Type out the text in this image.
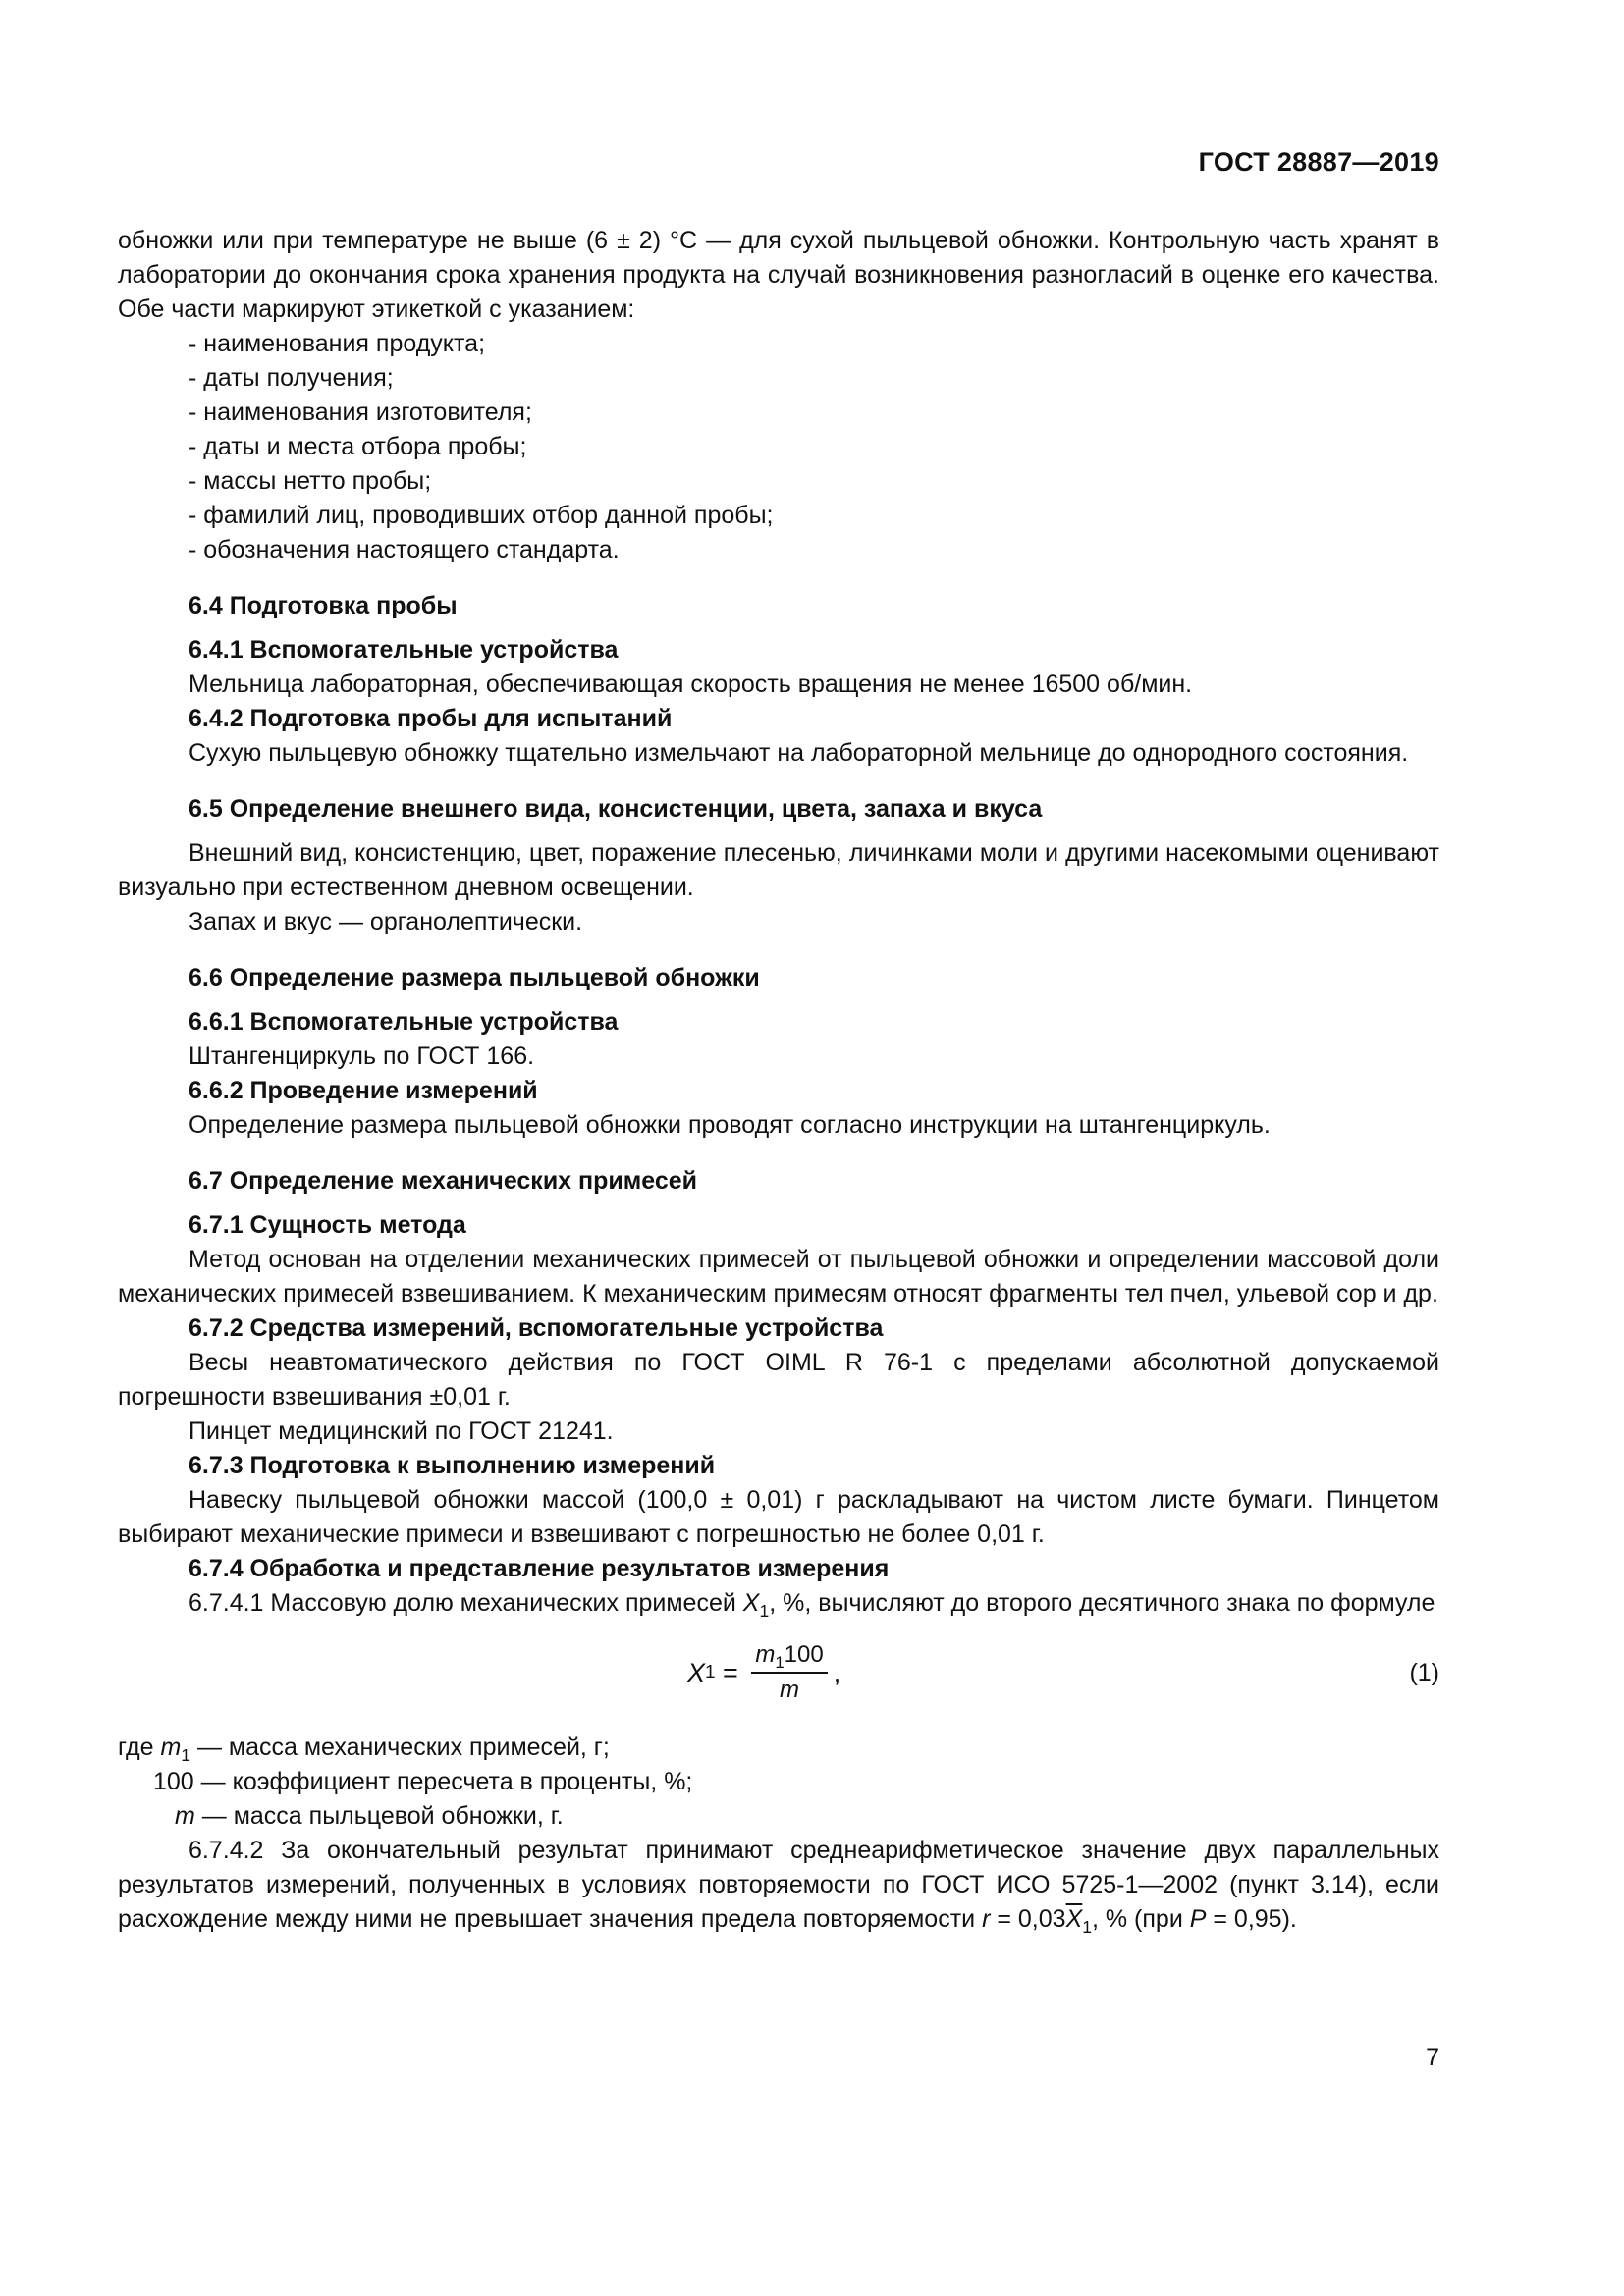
ГОСТ 28887—2019

обножки или при температуре не выше (6 ± 2) °С — для сухой пыльцевой обножки. Контрольную часть хранят в лаборатории до окончания срока хранения продукта на случай возникновения разногласий в оценке его качества. Обе части маркируют этикеткой с указанием:

- наименования продукта;

- даты получения;

- наименования изготовителя;

- даты и места отбора пробы;

- массы нетто пробы;

- фамилий лиц, проводивших отбор данной пробы;

- обозначения настоящего стандарта.

6.4 Подготовка пробы

6.4.1 Вспомогательные устройства

Мельница лабораторная, обеспечивающая скорость вращения не менее 16500 об/мин.

6.4.2 Подготовка пробы для испытаний

Сухую пыльцевую обножку тщательно измельчают на лабораторной мельнице до однородного состояния.

6.5 Определение внешнего вида, консистенции, цвета, запаха и вкуса

Внешний вид, консистенцию, цвет, поражение плесенью, личинками моли и другими насекомыми оценивают визуально при естественном дневном освещении.

Запах и вкус — органолептически.

6.6 Определение размера пыльцевой обножки

6.6.1 Вспомогательные устройства

Штангенциркуль по ГОСТ 166.

6.6.2 Проведение измерений

Определение размера пыльцевой обножки проводят согласно инструкции на штангенциркуль.

6.7 Определение механических примесей

6.7.1 Сущность метода

Метод основан на отделении механических примесей от пыльцевой обножки и определении массовой доли механических примесей взвешиванием. К механическим примесям относят фрагменты тел пчел, ульевой сор и др.

6.7.2 Средства измерений, вспомогательные устройства

Весы неавтоматического действия по ГОСТ OIML R 76-1 с пределами абсолютной допускаемой погрешности взвешивания ±0,01 г.

Пинцет медицинский по ГОСТ 21241.

6.7.3 Подготовка к выполнению измерений

Навеску пыльцевой обножки массой (100,0 ± 0,01) г раскладывают на чистом листе бумаги. Пинцетом выбирают механические примеси и взвешивают с погрешностью не более 0,01 г.

6.7.4 Обработка и представление результатов измерения

6.7.4.1 Массовую долю механических примесей $X_1$, %, вычисляют до второго десятичного знака по формуле

X $1 = \frac{m_1100}{m}$ ,	(1)

где $m_1$ — масса механических примесей, г;

100 — коэффициент пересчета в проценты, %;

m — масса пыльцевой обножки, г.

6.7.4.2 За окончательный результат принимают среднеарифметическое значение двух параллельных результатов измерений, полученных в условиях повторяемости по ГОСТ ИСО 5725-1—2002 (пункт 3.14), если расхождение между ними не превышает значения предела повторяемости $r = 0,03\overline{X}_1$, % (при P = 0,95).

7
